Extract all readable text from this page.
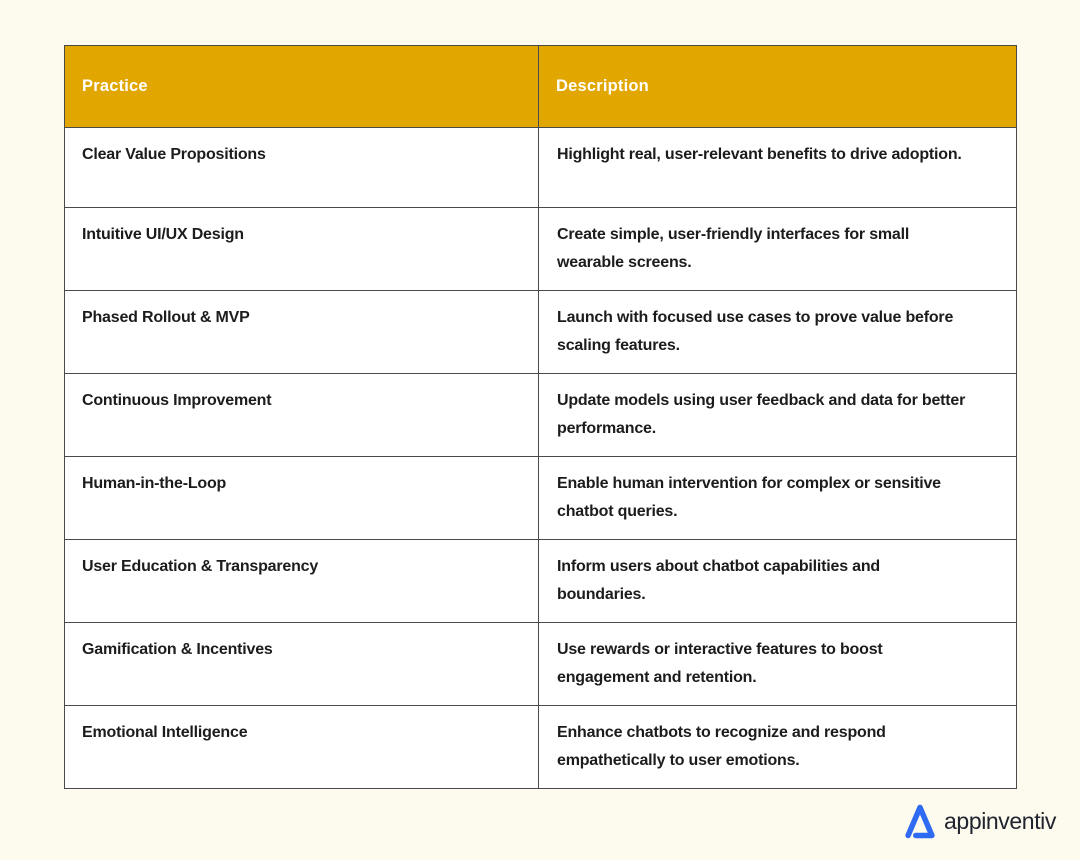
Practice	Description
Clear Value Propositions	Highlight real, user-relevant benefits to drive adoption.
Intuitive UI/UX Design	Create simple, user-friendly interfaces for small wearable screens.
Phased Rollout & MVP	Launch with focused use cases to prove value before scaling features.
Continuous Improvement	Update models using user feedback and data for better performance.
Human-in-the-Loop	Enable human intervention for complex or sensitive chatbot queries.
User Education & Transparency	Inform users about chatbot capabilities and boundaries.
Gamification & Incentives	Use rewards or interactive features to boost engagement and retention.
Emotional Intelligence	Enhance chatbots to recognize and respond empathetically to user emotions.
appinventiv
